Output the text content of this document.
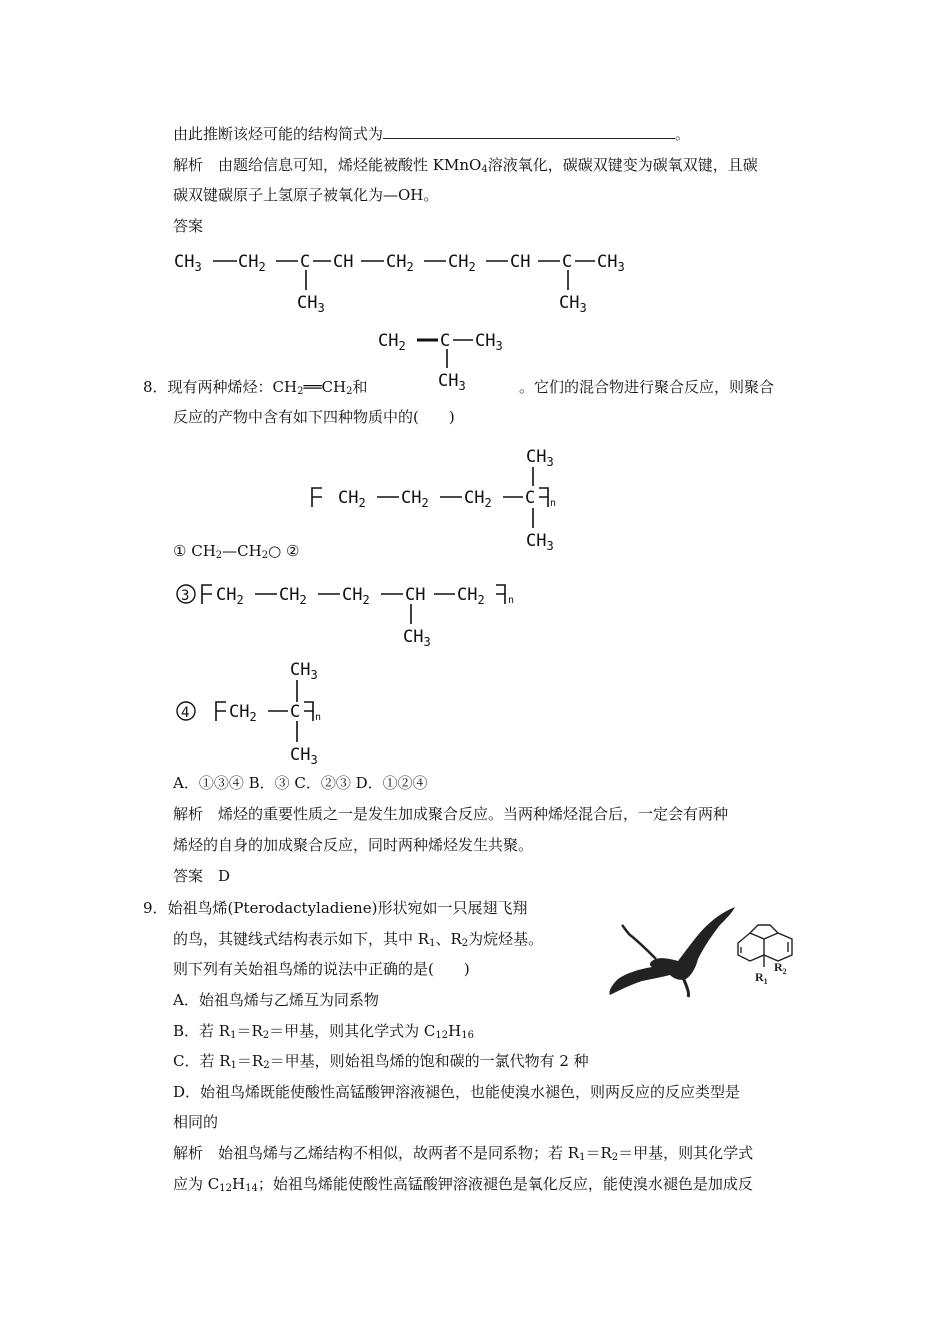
由此推断该烃可能的结构简式为	。
解析　 由题给信息可知，烯烃能被酸性 KMnO$_4$溶液氧化，碳碳双键变为碳氧双键，且碳
碳双键碳原子上氢原子被氧化为—OH。
答案
$CH_3$ $CH_2$ C CH $CH_2$ $CH_2$ CH C $CH_3$
$CH_3$	$CH_3$
$CH_2$ C $CH_3$
$CH_3$
8．现有两种烯烃：$CH_2══CH_2$和	。它们的混合物进行聚合反应，则聚合
反应的产物中含有如下四种物质中的(　　)
$CH_3$
$CH_2$ $CH_2$ $CH_2$ C n
$CH_3$
① $CH_2—CH_2○$ ②
3 $CH_2$ $CH_2$ $CH_2$ CH $CH_2$ n
$CH_3$
$CH_3$
4 $CH_2$ C n
$CH_3$
A．①③④ B．③ C．②③ D．①②④
解析　 烯烃的重要性质之一是发生加成聚合反应。当两种烯烃混合后，一定会有两种
烯烃的自身的加成聚合反应，同时两种烯烃发生共聚。
答案　D
9．始祖鸟烯(Pterodactyladiene)形状宛如一只展翅飞翔
的鸟，其键线式结构表示如下，其中 $R_1$、$R_2$为烷烃基。
则下列有关始祖鸟烯的说法中正确的是(　　)	$R_1$
$R_2$
A．始祖鸟烯与乙烯互为同系物
B．若 $R_1=R_2=$甲基，则其化学式为 $C_{12}H_{16}$
C．若 $R_1=R_2=$甲基，则始祖鸟烯的饱和碳的一氯代物有 2 种
D．始祖鸟烯既能使酸性高锰酸钾溶液褪色，也能使溴水褪色，则两反应的反应类型是
相同的
解析　 始祖鸟烯与乙烯结构不相似，故两者不是同系物；若 $R_1=R_2=$甲基，则其化学式
应为 $C_{12}H_{14}$；始祖鸟烯能使酸性高锰酸钾溶液褪色是氧化反应，能使溴水褪色是加成反
